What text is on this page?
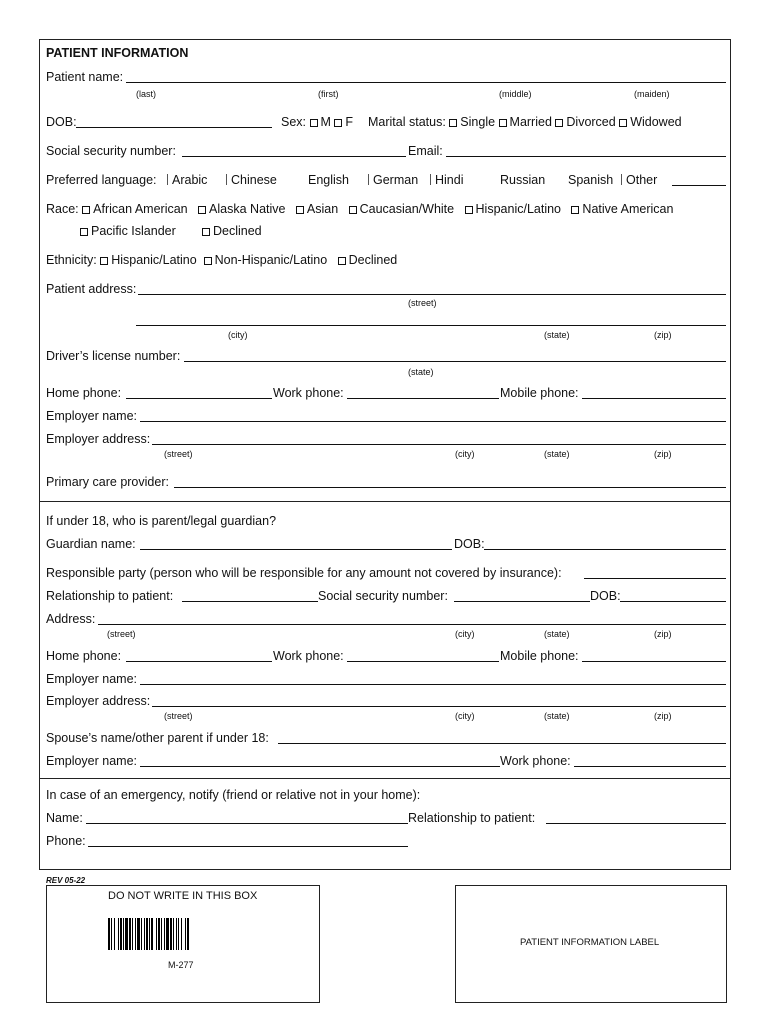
PATIENT INFORMATION
Patient name:
(last)	(first)	(middle)	(maiden)
DOB:	Sex: M F Marital status: Single Married Divorced Widowed
Social security number:	Email:
Preferred language:	Arabic	Chinese English	German	Hindi	Russian Spanish	Other
Race: African American Alaska Native Asian Caucasian/White Hispanic/Latino Native American
Pacific Islander	Declined
Ethnicity: Hispanic/Latino Non-Hispanic/Latino Declined
Patient address:
(street)
(city)	(state)	(zip)
Driver’s license number:
(state)
Home phone:	Work phone:	Mobile phone:
Employer name:
Employer address:
(street)	(city)	(state)	(zip)
Primary care provider:
If under 18, who is parent/legal guardian?
Guardian name:	DOB:
Responsible party (person who will be responsible for any amount not covered by insurance):
Relationship to patient:	Social security number:	DOB:
Address:
(street)	(city)	(state)	(zip)
Home phone:	Work phone:	Mobile phone:
Employer name:
Employer address:
(street)	(city)	(state)	(zip)
Spouse’s name/other parent if under 18:
Employer name:	Work phone:
In case of an emergency, notify (friend or relative not in your home):
Name:	Relationship to patient:
Phone:
REV 05-22
DO NOT WRITE IN THIS BOX
M-277
PATIENT INFORMATION LABEL
